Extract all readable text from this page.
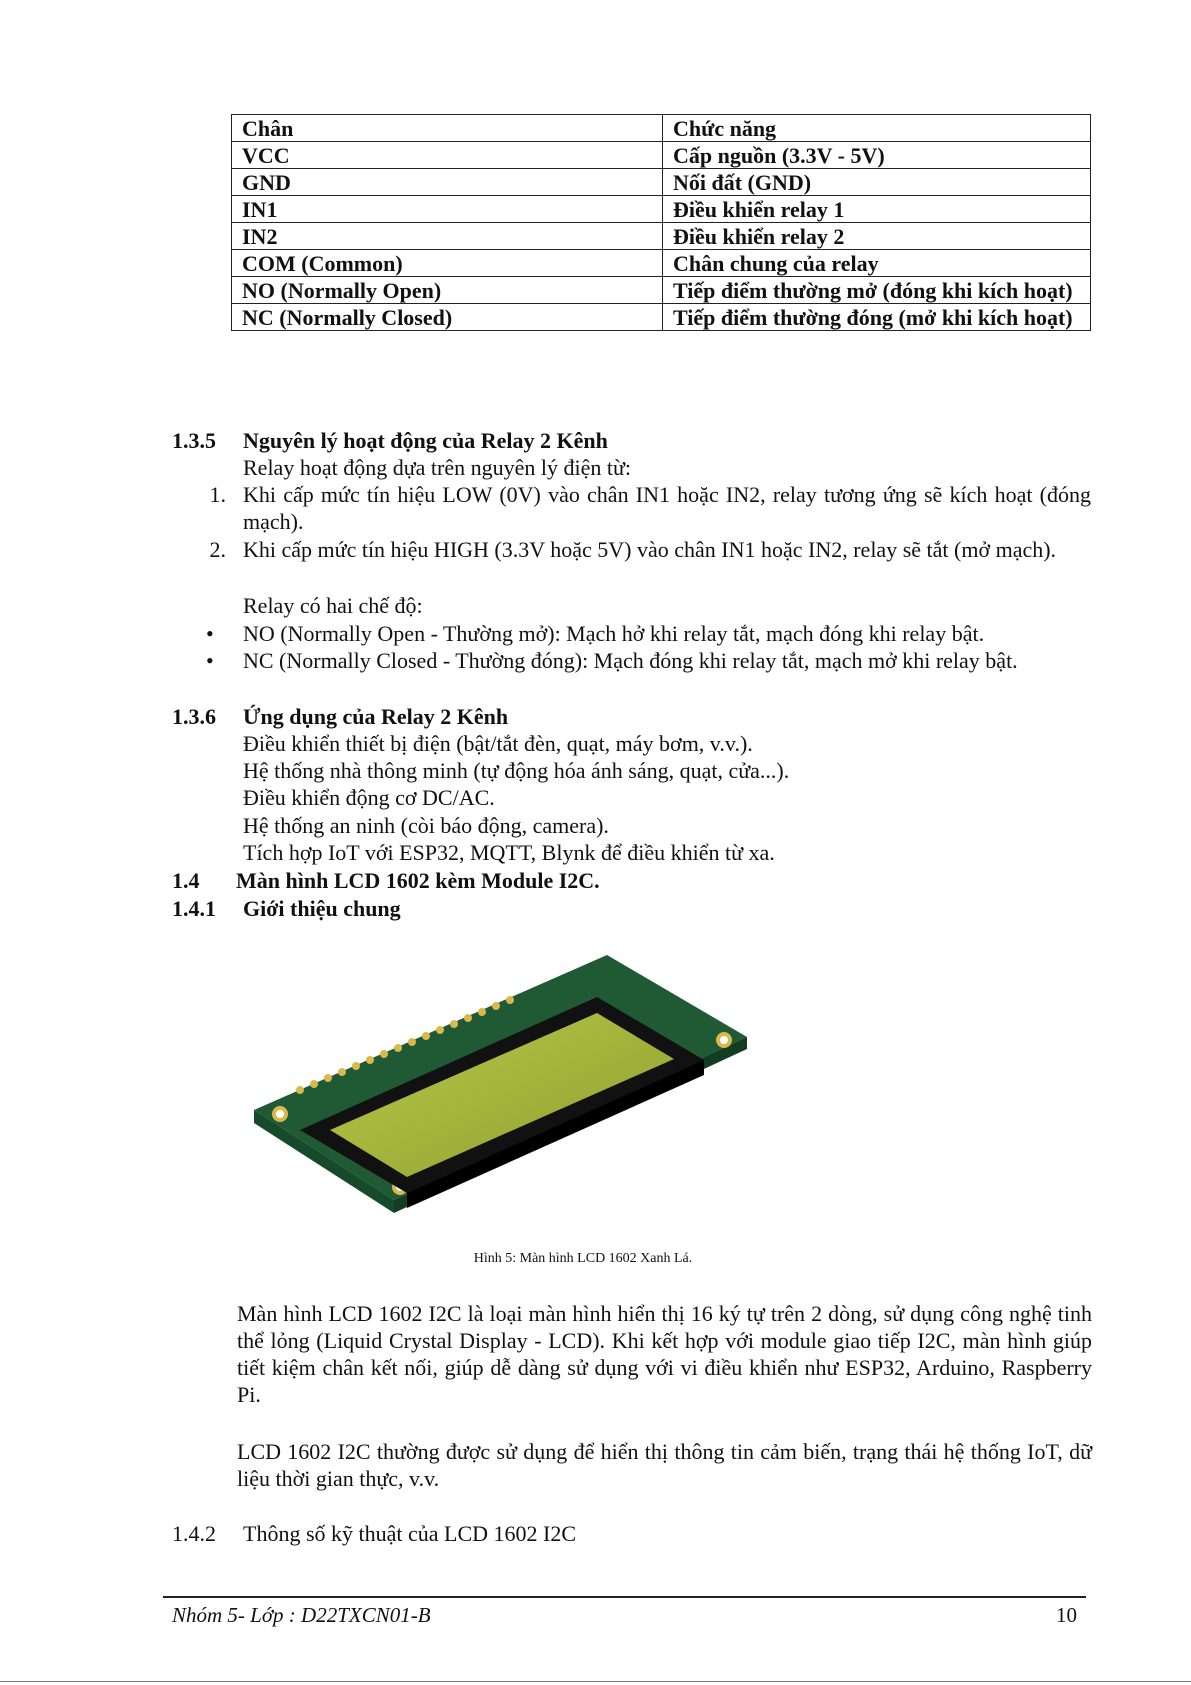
Chân	Chức năng
VCC	Cấp nguồn (3.3V - 5V)
GND	Nối đất (GND)
IN1	Điều khiển relay 1
IN2	Điều khiển relay 2
COM (Common)	Chân chung của relay
NO (Normally Open)	Tiếp điểm thường mở (đóng khi kích hoạt)
NC (Normally Closed)	Tiếp điểm thường đóng (mở khi kích hoạt)
1.3.5 Nguyên lý hoạt động của Relay 2 Kênh
Relay hoạt động dựa trên nguyên lý điện từ:
1. Khi cấp mức tín hiệu LOW (0V) vào chân IN1 hoặc IN2, relay tương ứng sẽ kích hoạt (đóng mạch).
2. Khi cấp mức tín hiệu HIGH (3.3V hoặc 5V) vào chân IN1 hoặc IN2, relay sẽ tắt (mở mạch).
Relay có hai chế độ:
• NO (Normally Open - Thường mở): Mạch hở khi relay tắt, mạch đóng khi relay bật.
• NC (Normally Closed - Thường đóng): Mạch đóng khi relay tắt, mạch mở khi relay bật.
1.3.6 Ứng dụng của Relay 2 Kênh
Điều khiển thiết bị điện (bật/tắt đèn, quạt, máy bơm, v.v.).
Hệ thống nhà thông minh (tự động hóa ánh sáng, quạt, cửa...).
Điều khiển động cơ DC/AC.
Hệ thống an ninh (còi báo động, camera).
Tích hợp IoT với ESP32, MQTT, Blynk để điều khiển từ xa.
1.4 Màn hình LCD 1602 kèm Module I2C.
1.4.1 Giới thiệu chung
Hình 5: Màn hình LCD 1602 Xanh Lá.
Màn hình LCD 1602 I2C là loại màn hình hiển thị 16 ký tự trên 2 dòng, sử dụng công nghệ tinh thể lỏng (Liquid Crystal Display - LCD). Khi kết hợp với module giao tiếp I2C, màn hình giúp tiết kiệm chân kết nối, giúp dễ dàng sử dụng với vi điều khiển như ESP32, Arduino, Raspberry Pi.
LCD 1602 I2C thường được sử dụng để hiển thị thông tin cảm biến, trạng thái hệ thống IoT, dữ liệu thời gian thực, v.v.
1.4.2 Thông số kỹ thuật của LCD 1602 I2C
Nhóm 5- Lớp : D22TXCN01-B	10
